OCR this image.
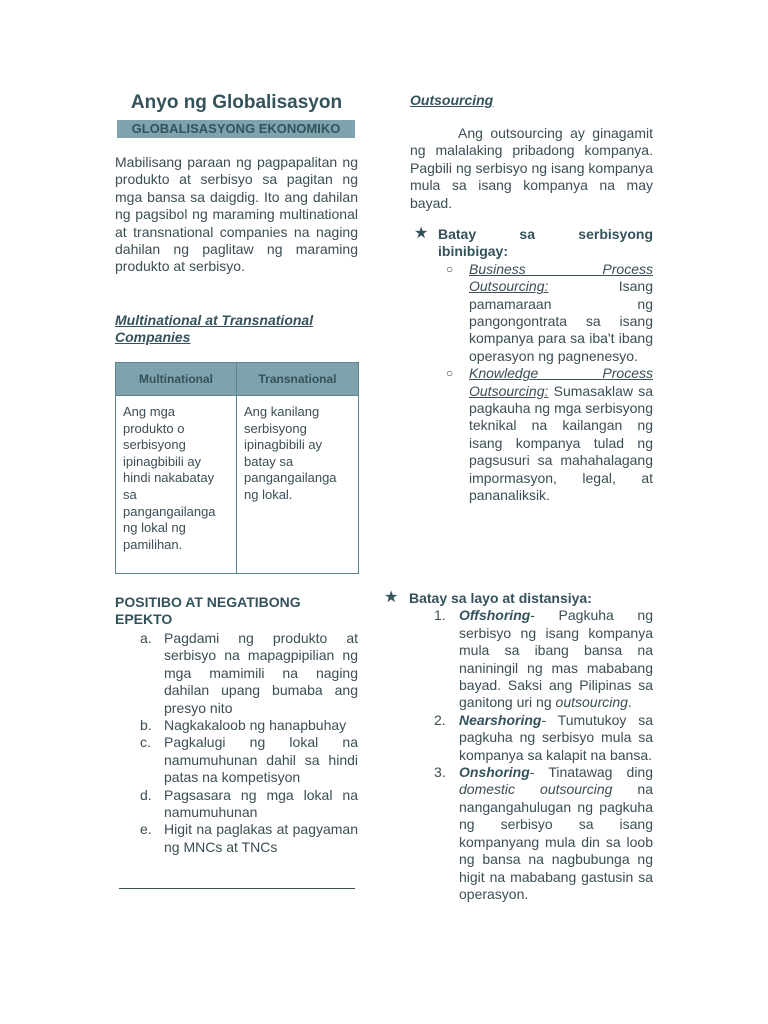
Anyo ng Globalisasyon
GLOBALISASYONG EKONOMIKO

Mabilisang paraan ng pagpapalitan ng produkto at serbisyo sa pagitan ng mga bansa sa daigdig. Ito ang dahilan ng pagsibol ng maraming multinational at transnational companies na naging dahilan ng paglitaw ng maraming produkto at serbisyo.

Multinational at Transnational Companies
Multinational	Transnational
Ang mga produkto o serbisyong ipinagbibili ay hindi nakabatay sa pangangailanga ng lokal ng pamilihan.
Ang kanilang serbisyong ipinagbibili ay batay sa pangangailanga ng lokal.
POSITIBO AT NEGATIBONG EPEKTO
a. Pagdami ng produkto at serbisyo na mapagpipilian ng mga mamimili na naging dahilan upang bumaba ang presyo nito
b. Nagkakaloob ng hanapbuhay
c. Pagkalugi ng lokal na namumuhunan dahil sa hindi patas na kompetisyon
d. Pagsasara ng mga lokal na namumuhunan
e. Higit na paglakas at pagyaman ng MNCs at TNCs
Outsourcing

Ang outsourcing ay ginagamit ng malalaking pribadong kompanya. Pagbili ng serbisyo ng isang kompanya mula sa isang kompanya na may bayad.

★ Batay sa serbisyong
ibinibigay:
○ Business Process Outsourcing: Isang pamamaraan ng pangongontrata sa isang kompanya para sa iba't ibang operasyon ng pagnenesyo.
○ Knowledge Process Outsourcing: Sumasaklaw sa pagkauha ng mga serbisyong teknikal na kailangan ng isang kompanya tulad ng pagsusuri sa mahahalagang impormasyon, legal, at pananaliksik.
★ Batay sa layo at distansiya:
1. Offshoring- Pagkuha ng serbisyo ng isang kompanya mula sa ibang bansa na naniningil ng mas mababang bayad. Saksi ang Pilipinas sa ganitong uri ng outsourcing.
2. Nearshoring- Tumutukoy sa pagkuha ng serbisyo mula sa kompanya sa kalapit na bansa.
3. Onshoring- Tinatawag ding domestic outsourcing na nangangahulugan ng pagkuha ng serbisyo sa isang kompanyang mula din sa loob ng bansa na nagbubunga ng higit na mababang gastusin sa operasyon.
